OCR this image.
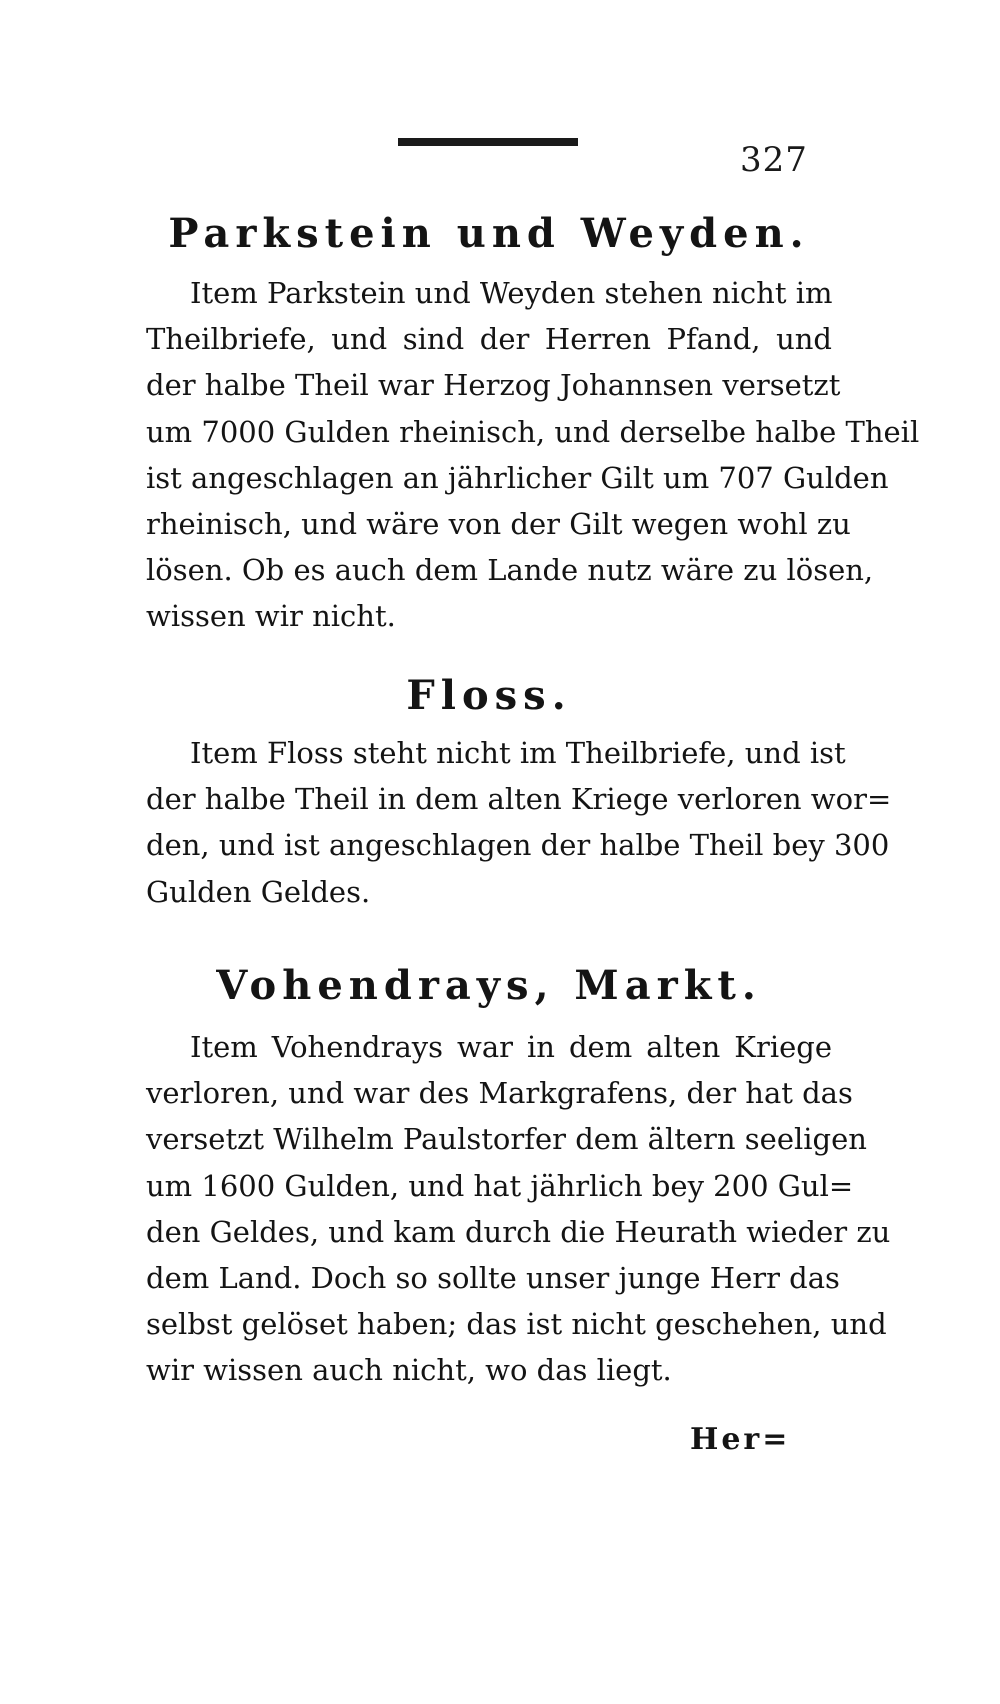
327
Parkstein und Weyden.
Item Parkstein und Weyden stehen nicht im
Theilbriefe, und sind der Herren Pfand, und
der halbe Theil war Herzog Johannsen versetzt
um 7000 Gulden rheinisch, und derselbe halbe Theil
ist angeschlagen an jährlicher Gilt um 707 Gulden
rheinisch, und wäre von der Gilt wegen wohl zu
lösen. Ob es auch dem Lande nutz wäre zu lösen,
wissen wir nicht.
Floss.
Item Floss steht nicht im Theilbriefe, und ist
der halbe Theil in dem alten Kriege verloren wor=
den, und ist angeschlagen der halbe Theil bey 300
Gulden Geldes.
Vohendrays, Markt.
Item Vohendrays war in dem alten Kriege
verloren, und war des Markgrafens, der hat das
versetzt Wilhelm Paulstorfer dem ältern seeligen
um 1600 Gulden, und hat jährlich bey 200 Gul=
den Geldes, und kam durch die Heurath wieder zu
dem Land. Doch so sollte unser junge Herr das
selbst gelöset haben; das ist nicht geschehen, und
wir wissen auch nicht, wo das liegt.
Her=
